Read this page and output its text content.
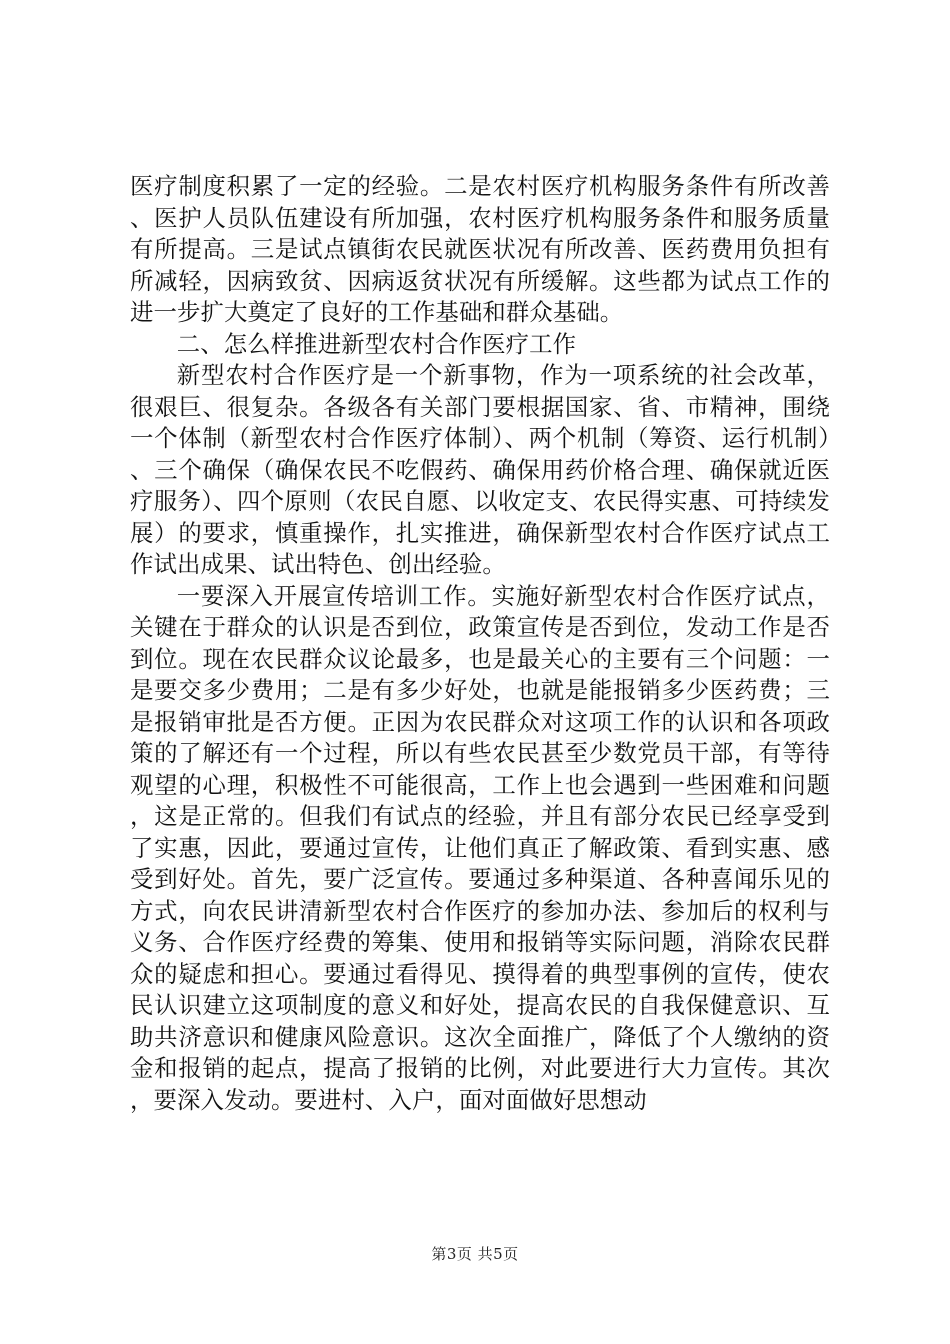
医疗制度积累了一定的经验。二是农村医疗机构服务条件有所改善、医护人员队伍建设有所加强，农村医疗机构服务条件和服务质量有所提高。三是试点镇街农民就医状况有所改善、医药费用负担有所减轻，因病致贫、因病返贫状况有所缓解。这些都为试点工作的进一步扩大奠定了良好的工作基础和群众基础。

二、怎么样推进新型农村合作医疗工作

新型农村合作医疗是一个新事物，作为一项系统的社会改革，很艰巨、很复杂。各级各有关部门要根据国家、省、市精神，围绕一个体制（新型农村合作医疗体制）、两个机制（筹资、运行机制）、三个确保（确保农民不吃假药、确保用药价格合理、确保就近医疗服务）、四个原则（农民自愿、以收定支、农民得实惠、可持续发展）的要求，慎重操作，扎实推进，确保新型农村合作医疗试点工作试出成果、试出特色、创出经验。

一要深入开展宣传培训工作。实施好新型农村合作医疗试点，关键在于群众的认识是否到位，政策宣传是否到位，发动工作是否到位。现在农民群众议论最多，也是最关心的主要有三个问题：一是要交多少费用；二是有多少好处，也就是能报销多少医药费；三是报销审批是否方便。正因为农民群众对这项工作的认识和各项政策的了解还有一个过程，所以有些农民甚至少数党员干部，有等待观望的心理，积极性不可能很高，工作上也会遇到一些困难和问题，这是正常的。但我们有试点的经验，并且有部分农民已经享受到了实惠，因此，要通过宣传，让他们真正了解政策、看到实惠、感受到好处。首先，要广泛宣传。要通过多种渠道、各种喜闻乐见的方式，向农民讲清新型农村合作医疗的参加办法、参加后的权利与义务、合作医疗经费的筹集、使用和报销等实际问题，消除农民群众的疑虑和担心。要通过看得见、摸得着的典型事例的宣传，使农民认识建立这项制度的意义和好处，提高农民的自我保健意识、互助共济意识和健康风险意识。这次全面推广，降低了个人缴纳的资金和报销的起点，提高了报销的比例，对此要进行大力宣传。其次，要深入发动。要进村、入户，面对面做好思想动

第3页 共5页
